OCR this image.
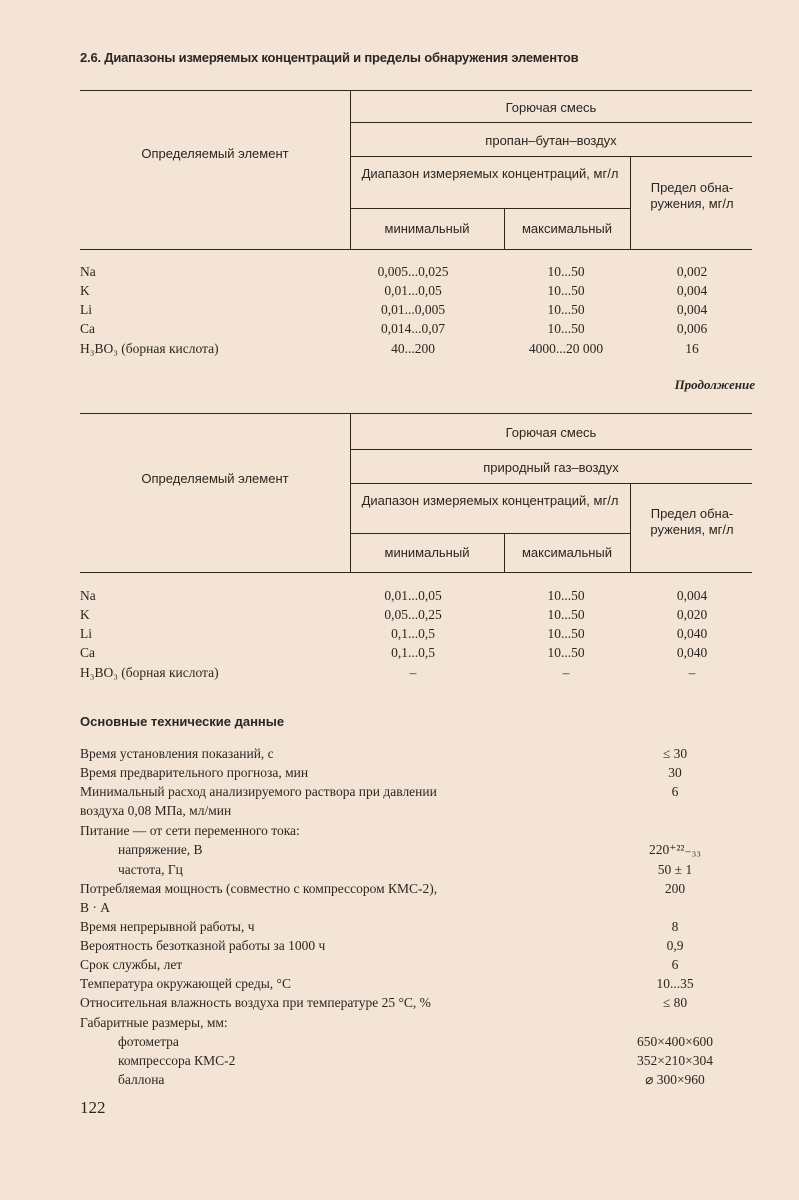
2.6. Диапазоны измеряемых концентраций и пределы обнаружения элементов
Определяемый элемент
Горючая смесь
пропан–бутан–воздух
Диапазон измеряемых концентраций, мг/л
Предел обна-ружения, мг/л
минимальный	максимальный
Na	0,005...0,025	10...50	0,002
K	0,01...0,05	10...50	0,004
Li	0,01...0,005	10...50	0,004
Ca	0,014...0,07	10...50	0,006
H₃BO₃ (борная кислота)	40...200	4000...20 000	16
Продолжение
Определяемый элемент
Горючая смесь
природный газ–воздух
Диапазон измеряемых концентраций, мг/л
Предел обна-ружения, мг/л
минимальный	максимальный
Na	0,01...0,05	10...50	0,004
K	0,05...0,25	10...50	0,020
Li	0,1...0,5	10...50	0,040
Ca	0,1...0,5	10...50	0,040
H₃BO₃ (борная кислота)	–	–	–
Основные технические данные
Время установления показаний, с	≤ 30
Время предварительного прогноза, мин	30
Минимальный расход анализируемого раствора при давлении	6
воздуха 0,08 МПа, мл/мин
Питание — от сети переменного тока:
напряжение, В	220⁺²²₋₃₃
частота, Гц	50 ± 1
Потребляемая мощность (совместно с компрессором КМС-2),	200
В · А
Время непрерывной работы, ч	8
Вероятность безотказной работы за 1000 ч	0,9
Срок службы, лет	6
Температура окружающей среды, °С	10...35
Относительная влажность воздуха при температуре 25 °С, %	≤ 80
Габаритные размеры, мм:
фотометра	650×400×600
компрессора КМС-2	352×210×304
баллона	⌀ 300×960
122
